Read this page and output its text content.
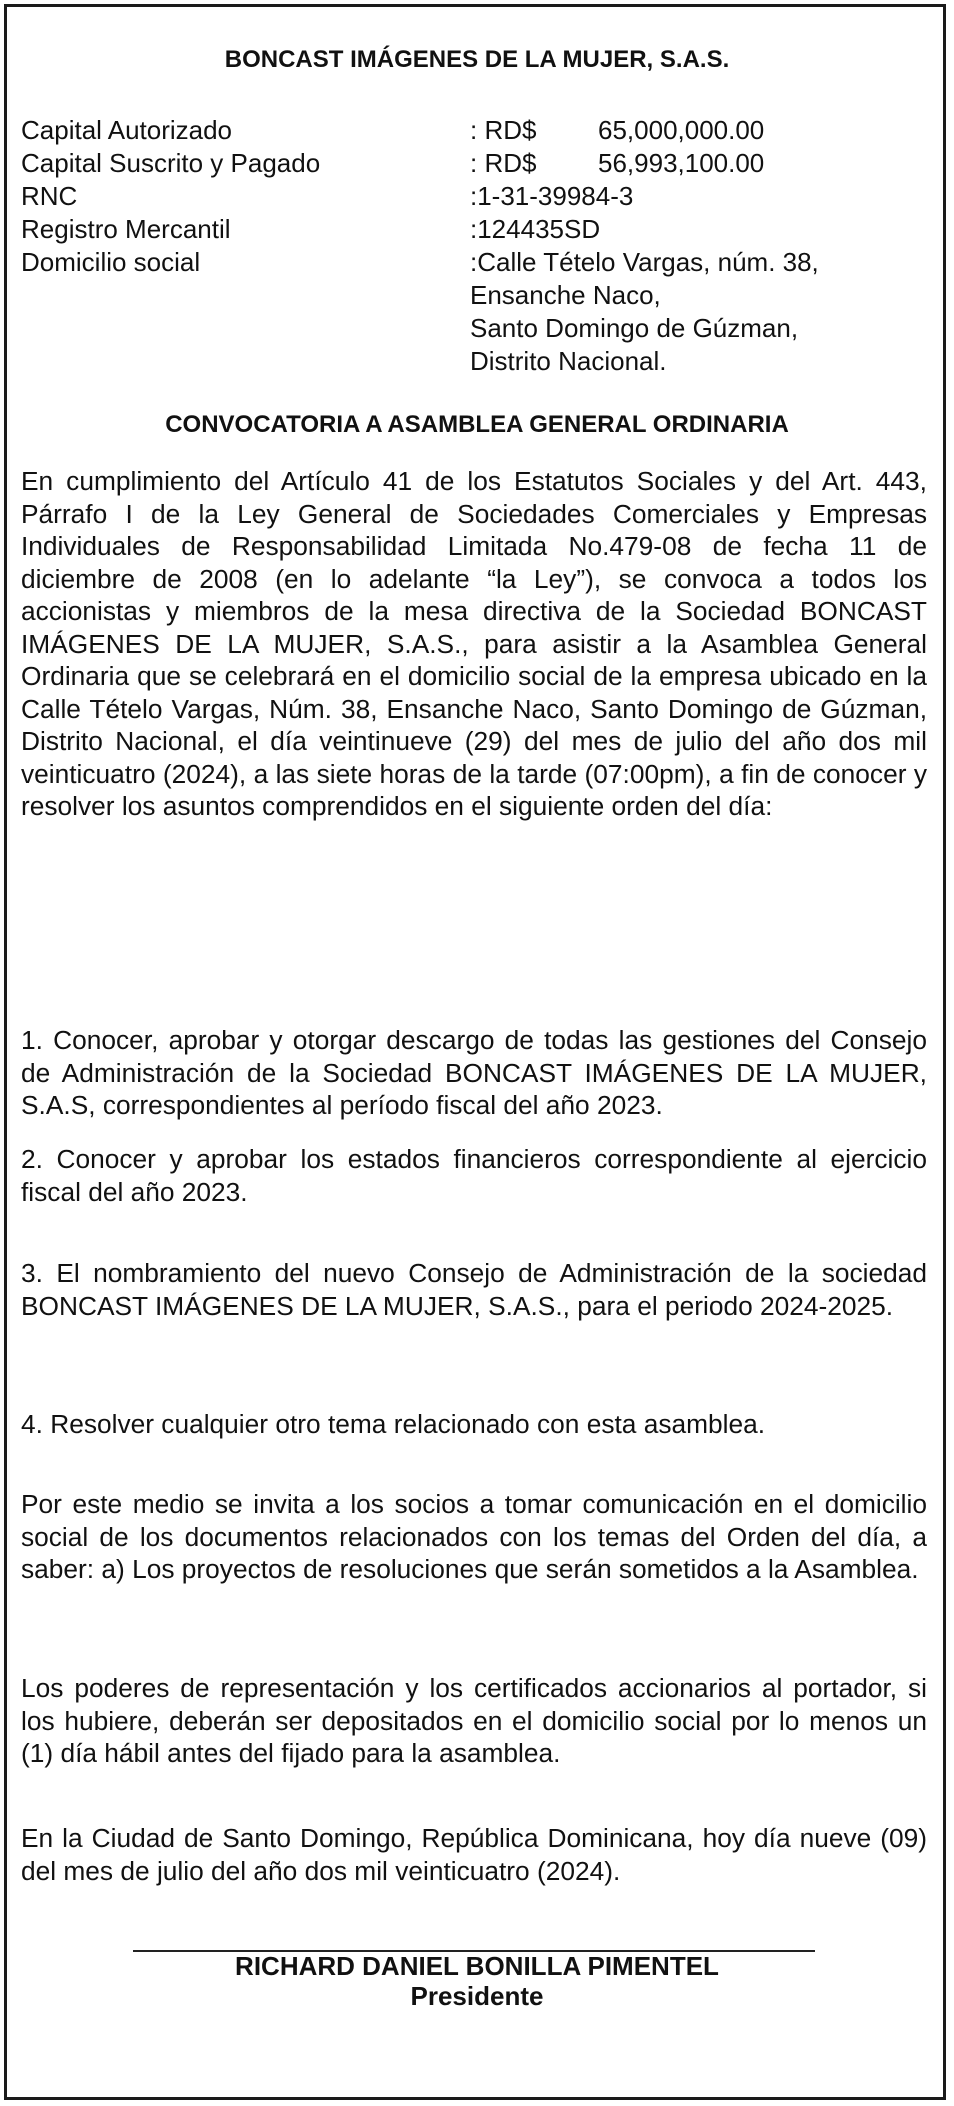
BONCAST IMÁGENES DE LA MUJER, S.A.S.
Capital Autorizado	: RD$	65,000,000.00
Capital Suscrito y Pagado	: RD$	56,993,100.00
RNC	:1-31-39984-3
Registro Mercantil	:124435SD
Domicilio social	:Calle Tételo Vargas, núm. 38,
Ensanche Naco,
Santo Domingo de Gúzman,
Distrito Nacional.
CONVOCATORIA A ASAMBLEA GENERAL ORDINARIA

En cumplimiento del Artículo 41 de los Estatutos Sociales y del Art. 443, Párrafo I de la Ley General de Sociedades Comerciales y Empresas Individuales de Responsabilidad Limitada No.479-08 de fecha 11 de diciembre de 2008 (en lo adelante “la Ley”), se convoca a todos los accionistas y miembros de la mesa directiva de la Sociedad BONCAST IMÁGENES DE LA MUJER, S.A.S., para asistir a la Asamblea General Ordinaria que se celebrará en el domicilio social de la empresa ubicado en la Calle Tételo Vargas, Núm. 38, Ensanche Naco, Santo Domingo de Gúzman, Distrito Nacional, el día veintinueve (29) del mes de julio del año dos mil veinticuatro (2024), a las siete horas de la tarde (07:00pm), a fin de conocer y resolver los asuntos comprendidos en el siguiente orden del día:

1. Conocer, aprobar y otorgar descargo de todas las gestiones del Consejo de Administración de la Sociedad BONCAST IMÁGENES DE LA MUJER, S.A.S, correspondientes al período fiscal del año 2023.

2. Conocer y aprobar los estados financieros correspondiente al ejercicio fiscal del año 2023.

3. El nombramiento del nuevo Consejo de Administración de la sociedad BONCAST IMÁGENES DE LA MUJER, S.A.S., para el periodo 2024-2025.

4. Resolver cualquier otro tema relacionado con esta asamblea.

Por este medio se invita a los socios a tomar comunicación en el domicilio social de los documentos relacionados con los temas del Orden del día, a saber: a) Los proyectos de resoluciones que serán sometidos a la Asamblea.

Los poderes de representación y los certificados accionarios al portador, si los hubiere, deberán ser depositados en el domicilio social por lo menos un (1) día hábil antes del fijado para la asamblea.

En la Ciudad de Santo Domingo, República Dominicana, hoy día nueve (09) del mes de julio del año dos mil veinticuatro (2024).

RICHARD DANIEL BONILLA PIMENTEL
Presidente
